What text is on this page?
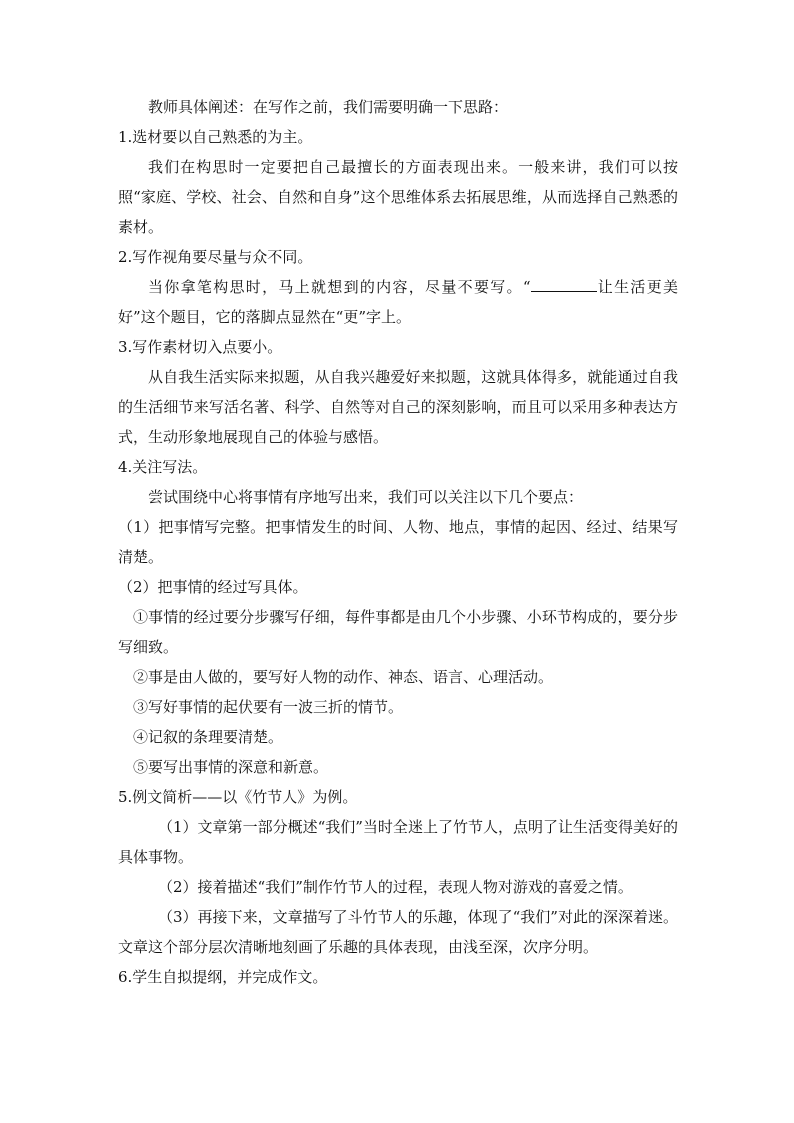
教师具体阐述：在写作之前，我们需要明确一下思路：
1.选材要以自己熟悉的为主。
我们在构思时一定要把自己最擅长的方面表现出来。一般来讲，我们可以按照“家庭、学校、社会、自然和自身”这个思维体系去拓展思维，从而选择自己熟悉的素材。
2.写作视角要尽量与众不同。
当你拿笔构思时，马上就想到的内容，尽量不要写。“	让生活更美好”这个题目，它的落脚点显然在“更”字上。
3.写作素材切入点要小。
从自我生活实际来拟题，从自我兴趣爱好来拟题，这就具体得多，就能通过自我的生活细节来写活名著、科学、自然等对自己的深刻影响，而且可以采用多种表达方式，生动形象地展现自己的体验与感悟。
4.关注写法。
尝试围绕中心将事情有序地写出来，我们可以关注以下几个要点：
（1）把事情写完整。把事情发生的时间、人物、地点，事情的起因、经过、结果写清楚。
（2）把事情的经过写具体。
①事情的经过要分步骤写仔细，每件事都是由几个小步骤、小环节构成的，要分步写细致。
②事是由人做的，要写好人物的动作、神态、语言、心理活动。
③写好事情的起伏要有一波三折的情节。
④记叙的条理要清楚。
⑤要写出事情的深意和新意。
5.例文简析——以《竹节人》为例。
（1）文章第一部分概述“我们”当时全迷上了竹节人，点明了让生活变得美好的具体事物。
（2）接着描述“我们”制作竹节人的过程，表现人物对游戏的喜爱之情。
（3）再接下来，文章描写了斗竹节人的乐趣，体现了“我们”对此的深深着迷。文章这个部分层次清晰地刻画了乐趣的具体表现，由浅至深，次序分明。
6.学生自拟提纲，并完成作文。
